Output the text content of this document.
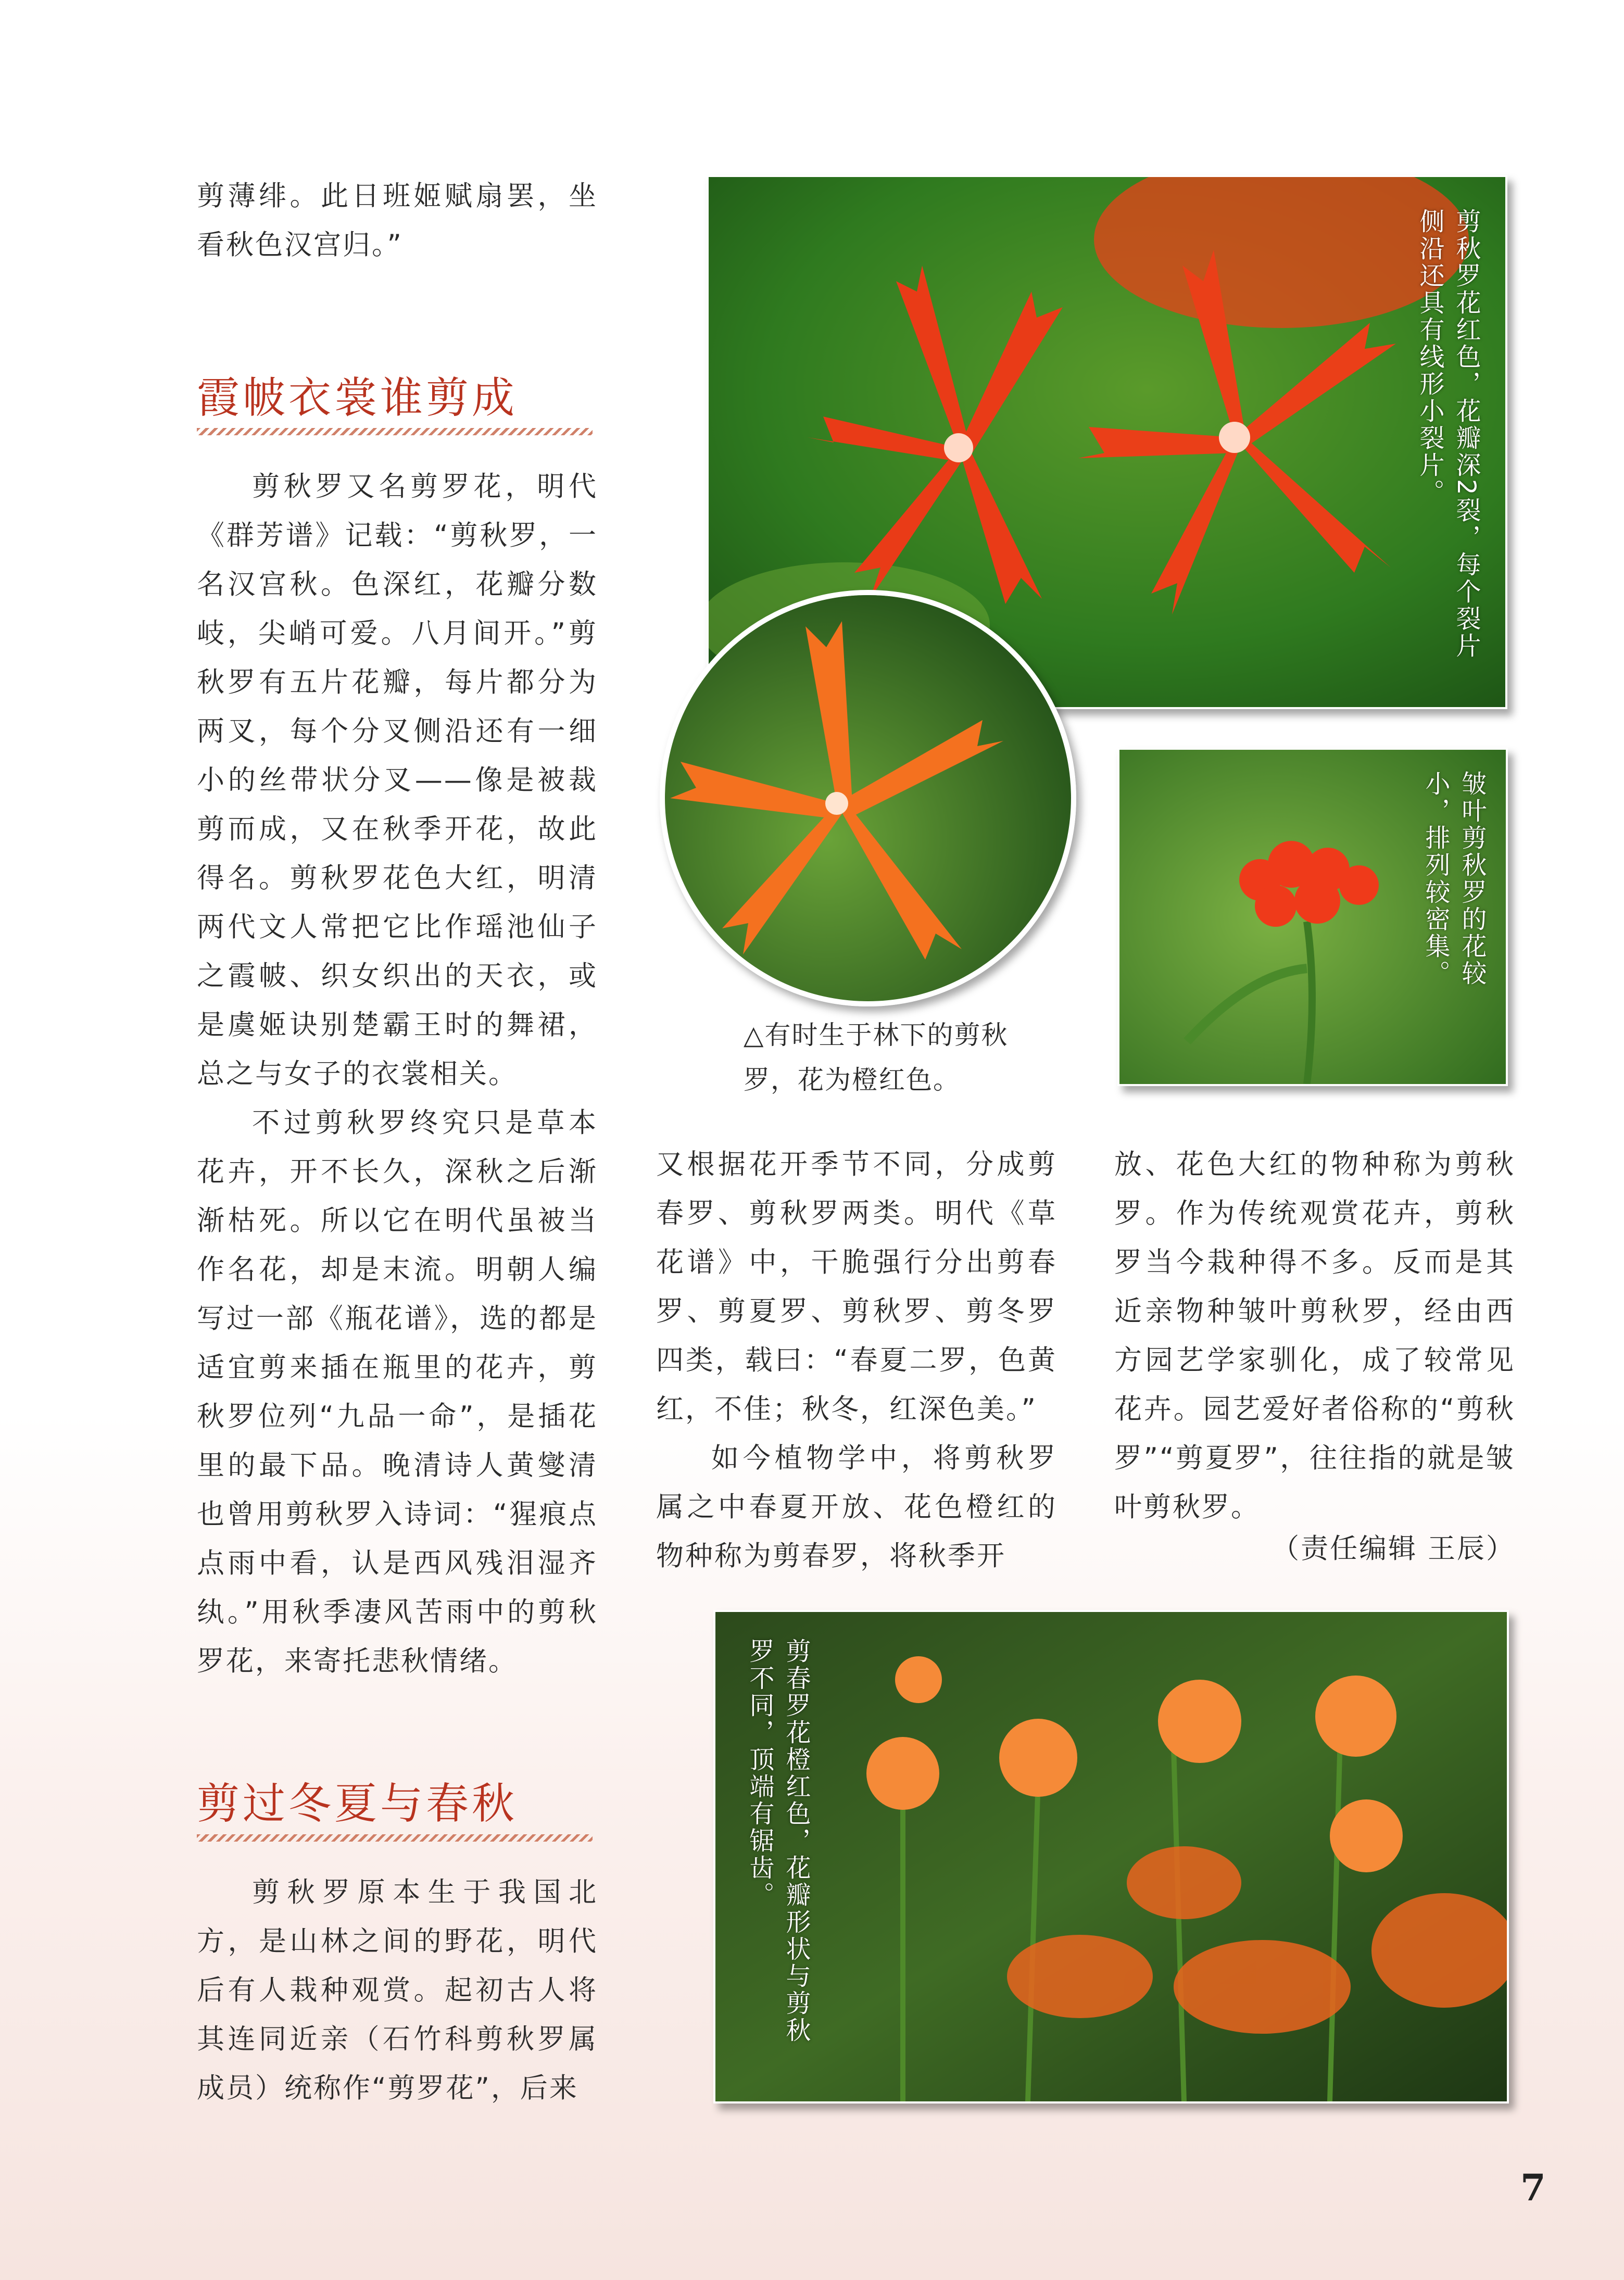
剪薄绯。此日班姬赋扇罢，坐看秋色汉宫归。”
霞帔衣裳谁剪成

剪秋罗又名剪罗花，明代《群芳谱》记载：“剪秋罗，一名汉宫秋。色深红，花瓣分数岐，尖峭可爱。八月间开。”剪秋罗有五片花瓣，每片都分为两叉，每个分叉侧沿还有一细小的丝带状分叉——像是被裁剪而成，又在秋季开花，故此得名。剪秋罗花色大红，明清两代文人常把它比作瑶池仙子之霞帔、织女织出的天衣，或是虞姬诀别楚霸王时的舞裙，总之与女子的衣裳相关。

不过剪秋罗终究只是草本花卉，开不长久，深秋之后渐渐枯死。所以它在明代虽被当作名花，却是末流。明朝人编写过一部《瓶花谱》，选的都是适宜剪来插在瓶里的花卉，剪秋罗位列“九品一命”，是插花里的最下品。晚清诗人黄燮清也曾用剪秋罗入诗词：“猩痕点点雨中看，认是西风残泪湿齐纨。”用秋季凄风苦雨中的剪秋罗花，来寄托悲秋情绪。

剪过冬夏与春秋

剪秋罗原本生于我国北方，是山林之间的野花，明代后有人栽种观赏。起初古人将其连同近亲（石竹科剪秋罗属成员）统称作“剪罗花”，后来

剪秋罗花红色，花瓣深2裂，每个裂片侧沿还具有线形小裂片。
△有时生于林下的剪秋罗，花为橙红色。
皱叶剪秋罗的花较小，排列较密集。

又根据花开季节不同，分成剪春罗、剪秋罗两类。明代《草花谱》中，干脆强行分出剪春罗、剪夏罗、剪秋罗、剪冬罗四类，载曰：“春夏二罗，色黄红，不佳；秋冬，红深色美。”

如今植物学中，将剪秋罗属之中春夏开放、花色橙红的物种称为剪春罗，将秋季开

放、花色大红的物种称为剪秋罗。作为传统观赏花卉，剪秋罗当今栽种得不多。反而是其近亲物种皱叶剪秋罗，经由西方园艺学家驯化，成了较常见花卉。园艺爱好者俗称的“剪秋罗”“剪夏罗”，往往指的就是皱叶剪秋罗。
（责任编辑 王辰）
剪春罗花橙红色，花瓣形状与剪秋罗不同，顶端有锯齿。
7
